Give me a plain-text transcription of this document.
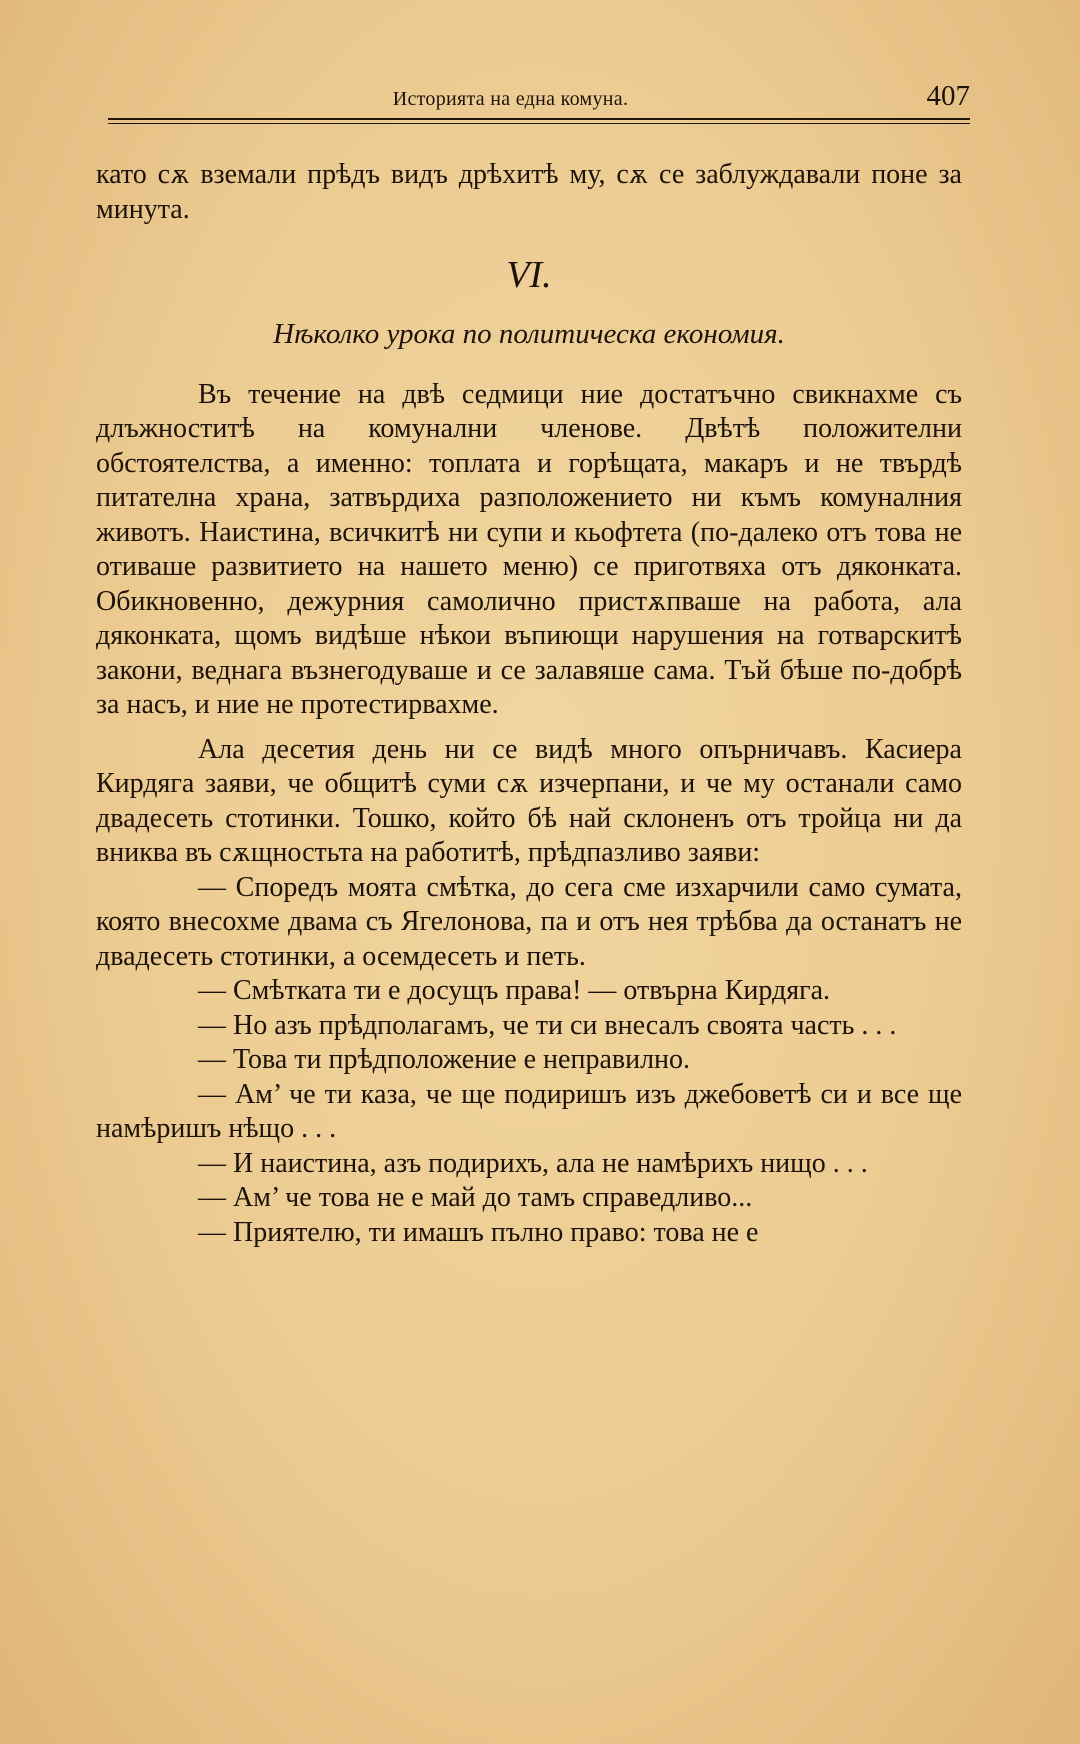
Историята на една комуна.	407

като сѫ вземали прѣдъ видъ дрѣхитѣ му, сѫ се заблуждавали поне за минута.

VI.

Нѣколко урока по политическа економия.

Въ течение на двѣ седмици ние достатъчно свикнахме съ длъжноститѣ на комунални членове. Двѣтѣ положителни обстоятелства, а именно: топлата и горѣщата, макаръ и не твърдѣ питателна храна, затвърдиха разположението ни къмъ комуналния животъ. Наистина, всичкитѣ ни супи и кьофтета (по-далеко отъ това не отиваше развитието на нашето меню) се приготвяха отъ дяконката. Обикновенно, дежурния самолично пристѫпваше на работа, ала дяконката, щомъ видѣше нѣкои въпиющи нарушения на готварскитѣ закони, веднага възнегодуваше и се залавяше сама. Тъй бѣше по-добрѣ за насъ, и ние не протестирвахме.

Ала десетия день ни се видѣ много опърничавъ. Касиера Кирдяга заяви, че общитѣ суми сѫ изчерпани, и че му останали само двадесеть стотинки. Тошко, който бѣ най склоненъ отъ тройца ни да вниква въ сѫщностьта на работитѣ, прѣдпазливо заяви:

— Споредъ моята смѣтка, до сега сме изхарчили само сумата, която внесохме двама съ Ягелонова, па и отъ нея трѣбва да останатъ не двадесеть стотинки, а осемдесеть и петь.

— Смѣтката ти е досущъ права! — отвърна Кирдяга.

— Но азъ прѣдполагамъ, че ти си внесалъ своята часть . . .

— Това ти прѣдположение е неправилно.

— Ам’ че ти каза, че ще подиришъ изъ джебоветѣ си и все ще намѣришъ нѣщо . . .

— И наистина, азъ подирихъ, ала не намѣрихъ нищо . . .

— Ам’ че това не е май до тамъ справедливо...

— Приятелю, ти имашъ пълно право: това не е
